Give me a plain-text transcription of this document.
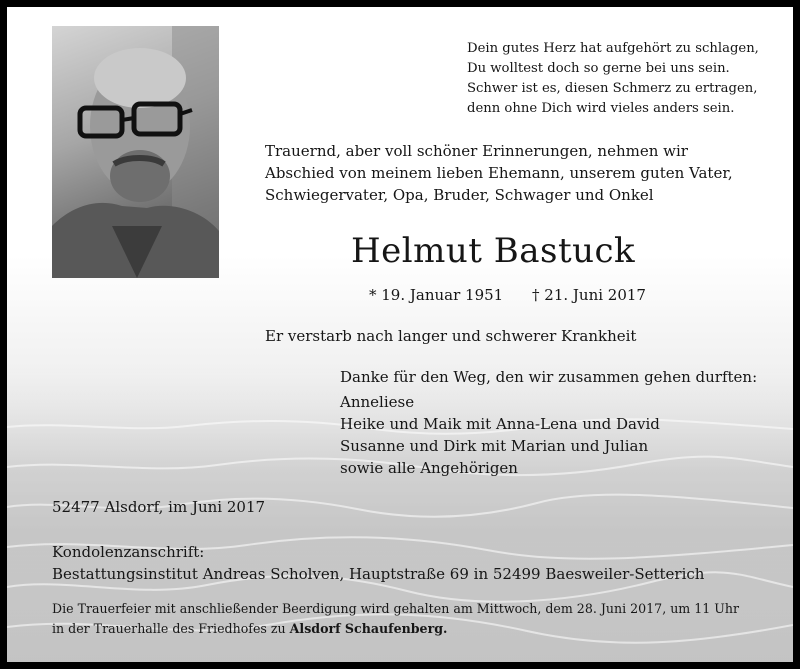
Dein gutes Herz hat aufgehört zu schlagen,
Du wolltest doch so gerne bei uns sein.
Schwer ist es, diesen Schmerz zu ertragen,
denn ohne Dich wird vieles anders sein.
Trauernd, aber voll schöner Erinnerungen, nehmen wir
Abschied von meinem lieben Ehemann, unserem guten Vater,
Schwiegervater, Opa, Bruder, Schwager und Onkel
Helmut Bastuck
* 19. Januar 1951 † 21. Juni 2017
Er verstarb nach langer und schwerer Krankheit
Danke für den Weg, den wir zusammen gehen durften:
Anneliese
Heike und Maik mit Anna-Lena und David
Susanne und Dirk mit Marian und Julian
sowie alle Angehörigen
52477 Alsdorf, im Juni 2017
Kondolenzanschrift:
Bestattungsinstitut Andreas Scholven, Hauptstraße 69 in 52499 Baesweiler-Setterich
Die Trauerfeier mit anschließender Beerdigung wird gehalten am Mittwoch, dem 28. Juni 2017, um 11 Uhr
in der Trauerhalle des Friedhofes zu Alsdorf Schaufenberg.
